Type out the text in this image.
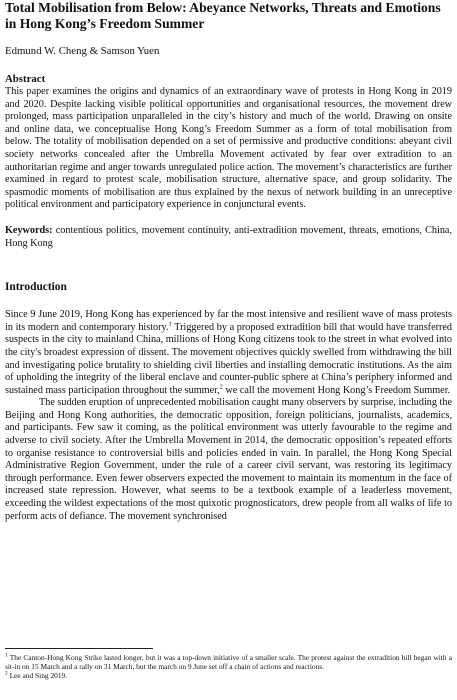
Total Mobilisation from Below: Abeyance Networks, Threats and Emotions in Hong Kong’s Freedom Summer
Edmund W. Cheng & Samson Yuen
Abstract

This paper examines the origins and dynamics of an extraordinary wave of protests in Hong Kong in 2019 and 2020. Despite lacking visible political opportunities and organisational resources, the movement drew prolonged, mass participation unparalleled in the city’s history and much of the world. Drawing on onsite and online data, we conceptualise Hong Kong’s Freedom Summer as a form of total mobilisation from below. The totality of mobilisation depended on a set of permissive and productive conditions: abeyant civil society networks concealed after the Umbrella Movement activated by fear over extradition to an authoritarian regime and anger towards unregulated police action. The movement’s characteristics are further examined in regard to protest scale, mobilisation structure, alternative space, and group solidarity. The spasmodic moments of mobilisation are thus explained by the nexus of network building in an unreceptive political environment and participatory experience in conjunctural events.

Keywords: contentious politics, movement continuity, anti-extradition movement, threats, emotions, China, Hong Kong

Introduction

Since 9 June 2019, Hong Kong has experienced by far the most intensive and resilient wave of mass protests in its modern and contemporary history.$^1$ Triggered by a proposed extradition bill that would have transferred suspects in the city to mainland China, millions of Hong Kong citizens took to the street in what evolved into the city's broadest expression of dissent. The movement objectives quickly swelled from withdrawing the bill and investigating police brutality to shielding civil liberties and installing democratic institutions. As the aim of upholding the integrity of the liberal enclave and counter-public sphere at China’s periphery informed and sustained mass participation throughout the summer,$^2$ we call the movement Hong Kong’s Freedom Summer.

The sudden eruption of unprecedented mobilisation caught many observers by surprise, including the Beijing and Hong Kong authorities, the democratic opposition, foreign politicians, journalists, academics, and participants. Few saw it coming, as the political environment was utterly favourable to the regime and adverse to civil society. After the Umbrella Movement in 2014, the democratic opposition’s repeated efforts to organise resistance to controversial bills and policies ended in vain. In parallel, the Hong Kong Special Administrative Region Government, under the rule of a career civil servant, was restoring its legitimacy through performance. Even fewer observers expected the movement to maintain its momentum in the face of increased state repression. However, what seems to be a textbook example of a leaderless movement, exceeding the wildest expectations of the most quixotic prognosticators, drew people from all walks of life to perform acts of defiance. The movement synchronised

$^1$ The Canton-Hong Kong Strike lasted longer, but it was a top-down initiative of a smaller scale. The protest against the extradition bill began with a sit-in on 15 March and a rally on 31 March, but the march on 9 June set off a chain of actions and reactions.
$^2$ Lee and Sing 2019.
